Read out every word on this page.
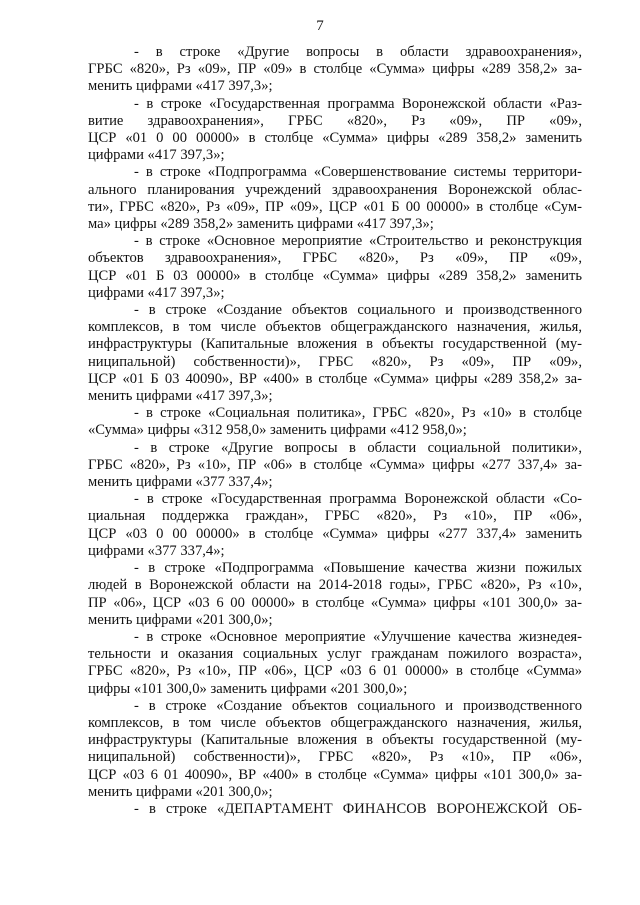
7
- в строке «Другие вопросы в области здравоохранения»,
ГРБС «820», Рз «09», ПР «09» в столбце «Сумма» цифры «289 358,2» за-
менить цифрами «417 397,3»;
- в строке «Государственная программа Воронежской области «Раз-
витие здравоохранения», ГРБС «820», Рз «09», ПР «09»,
ЦСР «01 0 00 00000» в столбце «Сумма» цифры «289 358,2» заменить
цифрами «417 397,3»;
- в строке «Подпрограмма «Совершенствование системы территори-
ального планирования учреждений здравоохранения Воронежской облас-
ти», ГРБС «820», Рз «09», ПР «09», ЦСР «01 Б 00 00000» в столбце «Сум-
ма» цифры «289 358,2» заменить цифрами «417 397,3»;
- в строке «Основное мероприятие «Строительство и реконструкция
объектов здравоохранения», ГРБС «820», Рз «09», ПР «09»,
ЦСР «01 Б 03 00000» в столбце «Сумма» цифры «289 358,2» заменить
цифрами «417 397,3»;
- в строке «Создание объектов социального и производственного
комплексов, в том числе объектов общегражданского назначения, жилья,
инфраструктуры (Капитальные вложения в объекты государственной (му-
ниципальной) собственности)», ГРБС «820», Рз «09», ПР «09»,
ЦСР «01 Б 03 40090», ВР «400» в столбце «Сумма» цифры «289 358,2» за-
менить цифрами «417 397,3»;
- в строке «Социальная политика», ГРБС «820», Рз «10» в столбце
«Сумма» цифры «312 958,0» заменить цифрами «412 958,0»;
- в строке «Другие вопросы в области социальной политики»,
ГРБС «820», Рз «10», ПР «06» в столбце «Сумма» цифры «277 337,4» за-
менить цифрами «377 337,4»;
- в строке «Государственная программа Воронежской области «Со-
циальная поддержка граждан», ГРБС «820», Рз «10», ПР «06»,
ЦСР «03 0 00 00000» в столбце «Сумма» цифры «277 337,4» заменить
цифрами «377 337,4»;
- в строке «Подпрограмма «Повышение качества жизни пожилых
людей в Воронежской области на 2014-2018 годы», ГРБС «820», Рз «10»,
ПР «06», ЦСР «03 6 00 00000» в столбце «Сумма» цифры «101 300,0» за-
менить цифрами «201 300,0»;
- в строке «Основное мероприятие «Улучшение качества жизнедея-
тельности и оказания социальных услуг гражданам пожилого возраста»,
ГРБС «820», Рз «10», ПР «06», ЦСР «03 6 01 00000» в столбце «Сумма»
цифры «101 300,0» заменить цифрами «201 300,0»;
- в строке «Создание объектов социального и производственного
комплексов, в том числе объектов общегражданского назначения, жилья,
инфраструктуры (Капитальные вложения в объекты государственной (му-
ниципальной) собственности)», ГРБС «820», Рз «10», ПР «06»,
ЦСР «03 6 01 40090», ВР «400» в столбце «Сумма» цифры «101 300,0» за-
менить цифрами «201 300,0»;
- в строке «ДЕПАРТАМЕНТ ФИНАНСОВ ВОРОНЕЖСКОЙ ОБ-
